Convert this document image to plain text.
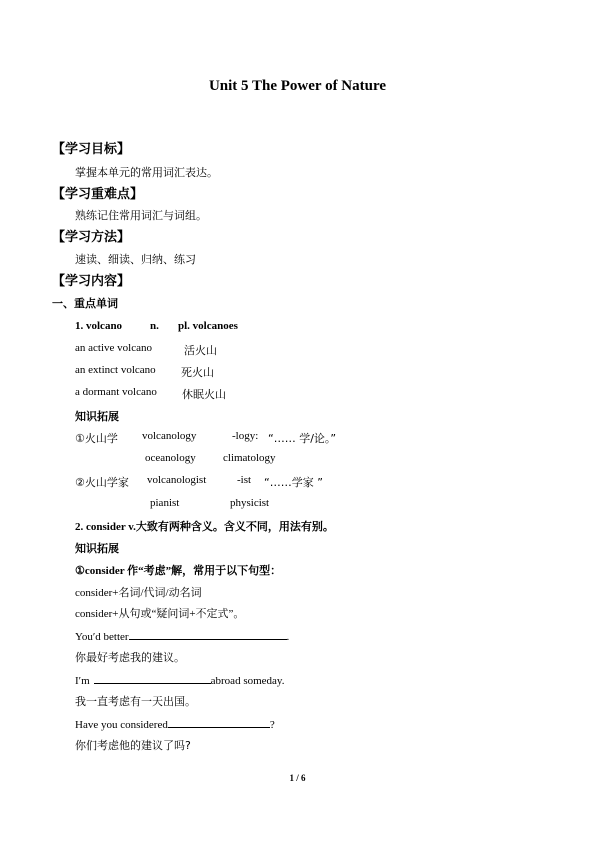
Unit 5 The Power of Nature
【学习目标】
掌握本单元的常用词汇表达。
【学习重难点】
熟练记住常用词汇与词组。
【学习方法】
速读、细读、归纳、练习
【学习内容】
一、重点单词
1. volcano	n. pl. volcanoes
an active volcano	活火山
an extinct volcano 死火山
a dormant volcano 休眠火山
知识拓展
①火山学 volcanology	-logy: “…… 学/论。”
oceanology climatology
②火山学家 volcanologist	-ist “……学家 ”
pianist	physicist
2. consider v.大致有两种含义。含义不同，用法有别。
知识拓展
①consider 作“考虑”解，常用于以下句型：
consider+名词/代词/动名词
consider+从句或“疑问词+不定式”。
You′d better	.
你最好考虑我的建议。
I′m	abroad someday.
我一直考虑有一天出国。
Have you considered	?
你们考虑他的建议了吗?
1 / 6
